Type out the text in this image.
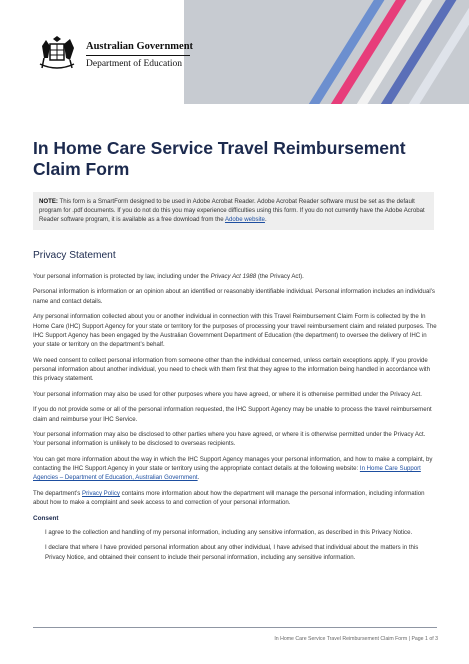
Australian Government
Department of Education
In Home Care Service Travel Reimbursement Claim Form
NOTE: This form is a SmartForm designed to be used in Adobe Acrobat Reader. Adobe Acrobat Reader software must be set as the default program for .pdf documents. If you do not do this you may experience difficulties using this form. If you do not currently have the Adobe Acrobat Reader software program, it is available as a free download from the Adobe website.
Privacy Statement

Your personal information is protected by law, including under the Privacy Act 1988 (the Privacy Act).

Personal information is information or an opinion about an identified or reasonably identifiable individual. Personal information includes an individual’s name and contact details.

Any personal information collected about you or another individual in connection with this Travel Reimbursement Claim Form is collected by the In Home Care (IHC) Support Agency for your state or territory for the purposes of processing your travel reimbursement claim and related purposes. The IHC Support Agency has been engaged by the Australian Government Department of Education (the department) to oversee the delivery of IHC in your state or territory on the department’s behalf.

We need consent to collect personal information from someone other than the individual concerned, unless certain exceptions apply. If you provide personal information about another individual, you need to check with them first that they agree to the information being handled in accordance with this privacy statement.

Your personal information may also be used for other purposes where you have agreed, or where it is otherwise permitted under the Privacy Act.

If you do not provide some or all of the personal information requested, the IHC Support Agency may be unable to process the travel reimbursement claim and reimburse your IHC Service.

Your personal information may also be disclosed to other parties where you have agreed, or where it is otherwise permitted under the Privacy Act. Your personal information is unlikely to be disclosed to overseas recipients.

You can get more information about the way in which the IHC Support Agency manages your personal information, and how to make a complaint, by contacting the IHC Support Agency in your state or territory using the appropriate contact details at the following website: In Home Care Support Agencies – Department of Education, Australian Government.

The department’s Privacy Policy contains more information about how the department will manage the personal information, including information about how to make a complaint and seek access to and correction of your personal information.

Consent

I agree to the collection and handling of my personal information, including any sensitive information, as described in this Privacy Notice.

I declare that where I have provided personal information about any other individual, I have advised that individual about the matters in this Privacy Notice, and obtained their consent to include their personal information, including any sensitive information.

In Home Care Service Travel Reimbursement Claim Form | Page 1 of 3
